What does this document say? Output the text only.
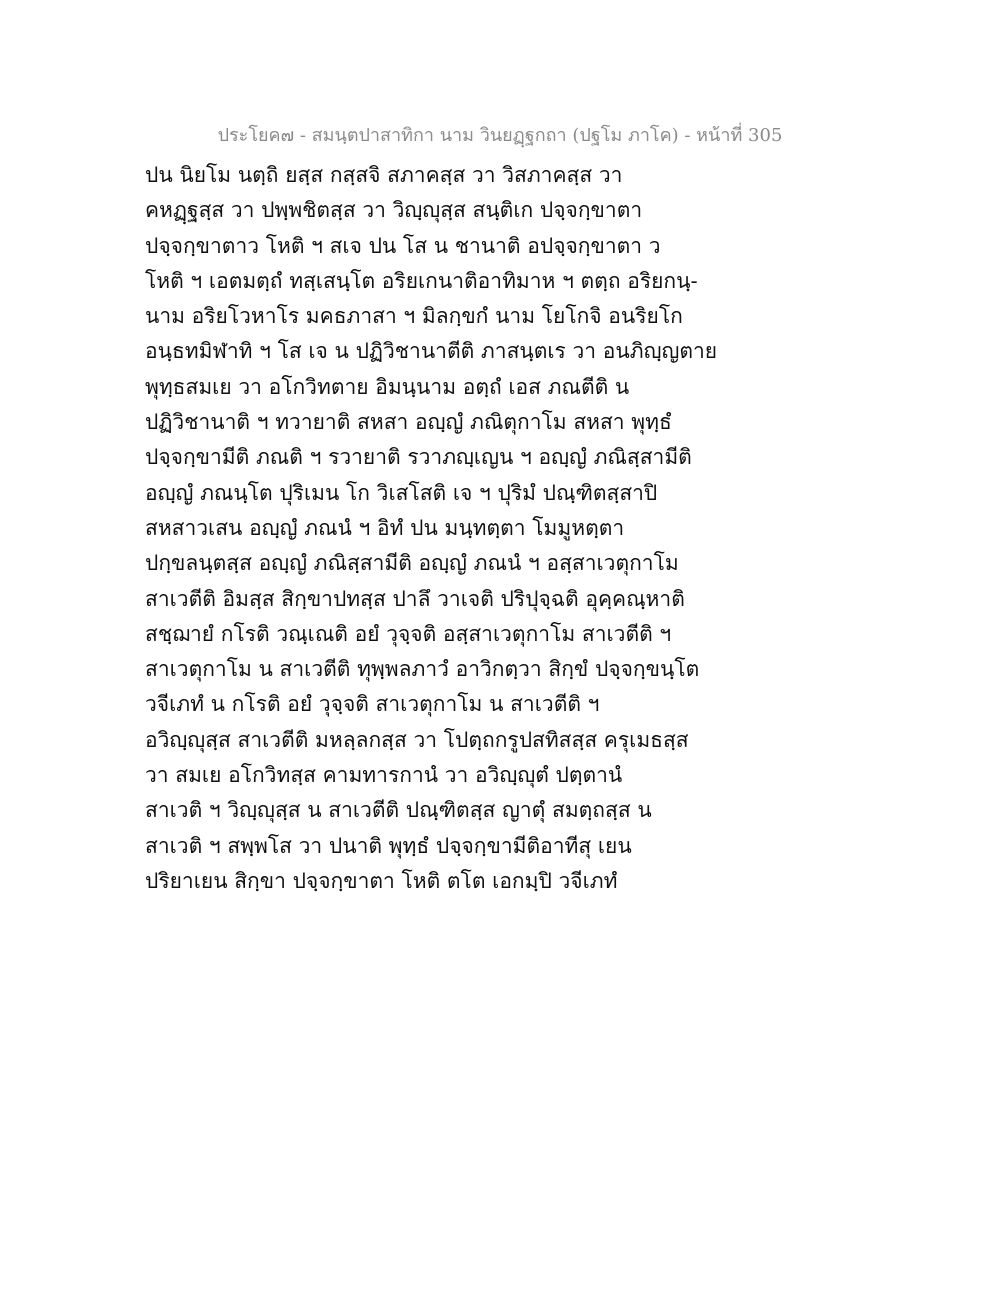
ประโยค๗ - สมนฺตปาสาทิกา นาม วินยฏฺฐกถา (ปฐโม ภาโค) - หน้าที่ 305
ปน นิยโม นตฺถิ ยสฺส กสฺสจิ สภาคสฺส วา วิสภาคสฺส วา
คหฏฺฐสฺส วา ปพฺพชิตสฺส วา วิญฺญุสฺส สนฺติเก ปจฺจกฺขาตา
ปจฺจกฺขาตาว โหติ ฯ สเจ ปน โส น ชานาติ อปจฺจกฺขาตา ว
โหติ ฯ เอตมตฺถํ ทสฺเสนฺโต อริยเกนาติอาทิมาห ฯ ตตฺถ อริยกนฺ-
นาม อริยโวหาโร มคธภาสา ฯ มิลกฺขกํ นาม โยโกจิ อนริยโก
อนฺธทมิฬาทิ ฯ โส เจ น ปฏิวิชานาตีติ ภาสนฺตเร วา อนภิญฺญตาย
พุทฺธสมเย วา อโกวิทตาย อิมนฺนาม อตฺถํ เอส ภณตีติ น
ปฏิวิชานาติ ฯ ทวายาติ สหสา อญฺญํ ภณิตุกาโม สหสา พุทฺธํ
ปจฺจกฺขามีติ ภณติ ฯ รวายาติ รวาภญฺเญน ฯ อญฺญํ ภณิสฺสามีติ
อญฺญํ ภณนฺโต ปุริเมน โก วิเสโสติ เจ ฯ ปุริมํ ปณฺฑิตสฺสาปิ
สหสาวเสน อญฺญํ ภณนํ ฯ อิทํ ปน มนฺทตฺตา โมมูหตฺตา
ปกฺขลนฺตสฺส อญฺญํ ภณิสฺสามีติ อญฺญํ ภณนํ ฯ อสฺสาเวตุกาโม
สาเวตีติ อิมสฺส สิกฺขาปทสฺส ปาลึ วาเจติ ปริปุจฺฉติ อุคฺคณฺหาติ
สชฺฌายํ กโรติ วณฺเณติ อยํ วุจฺจติ อสฺสาเวตุกาโม สาเวตีติ ฯ
สาเวตุกาโม น สาเวตีติ ทุพฺพลภาวํ อาวิกตฺวา สิกฺขํ ปจฺจกฺขนฺโต
วจีเภทํ น กโรติ อยํ วุจฺจติ สาเวตุกาโม น สาเวตีติ ฯ
อวิญฺญุสฺส สาเวตีติ มหลฺลกสฺส วา โปตฺถกรูปสทิสสฺส ครุเมธสฺส
วา สมเย อโกวิทสฺส คามทารกานํ วา อวิญฺญุตํ ปตฺตานํ
สาเวติ ฯ วิญฺญุสฺส น สาเวตีติ ปณฺฑิตสฺส ญาตุํ สมตฺถสฺส น
สาเวติ ฯ สพฺพโส วา ปนาติ พุทฺธํ ปจฺจกฺขามีติอาทีสุ เยน
ปริยาเยน สิกฺขา ปจฺจกฺขาตา โหติ ตโต เอกมฺปิ วจีเภทํ
